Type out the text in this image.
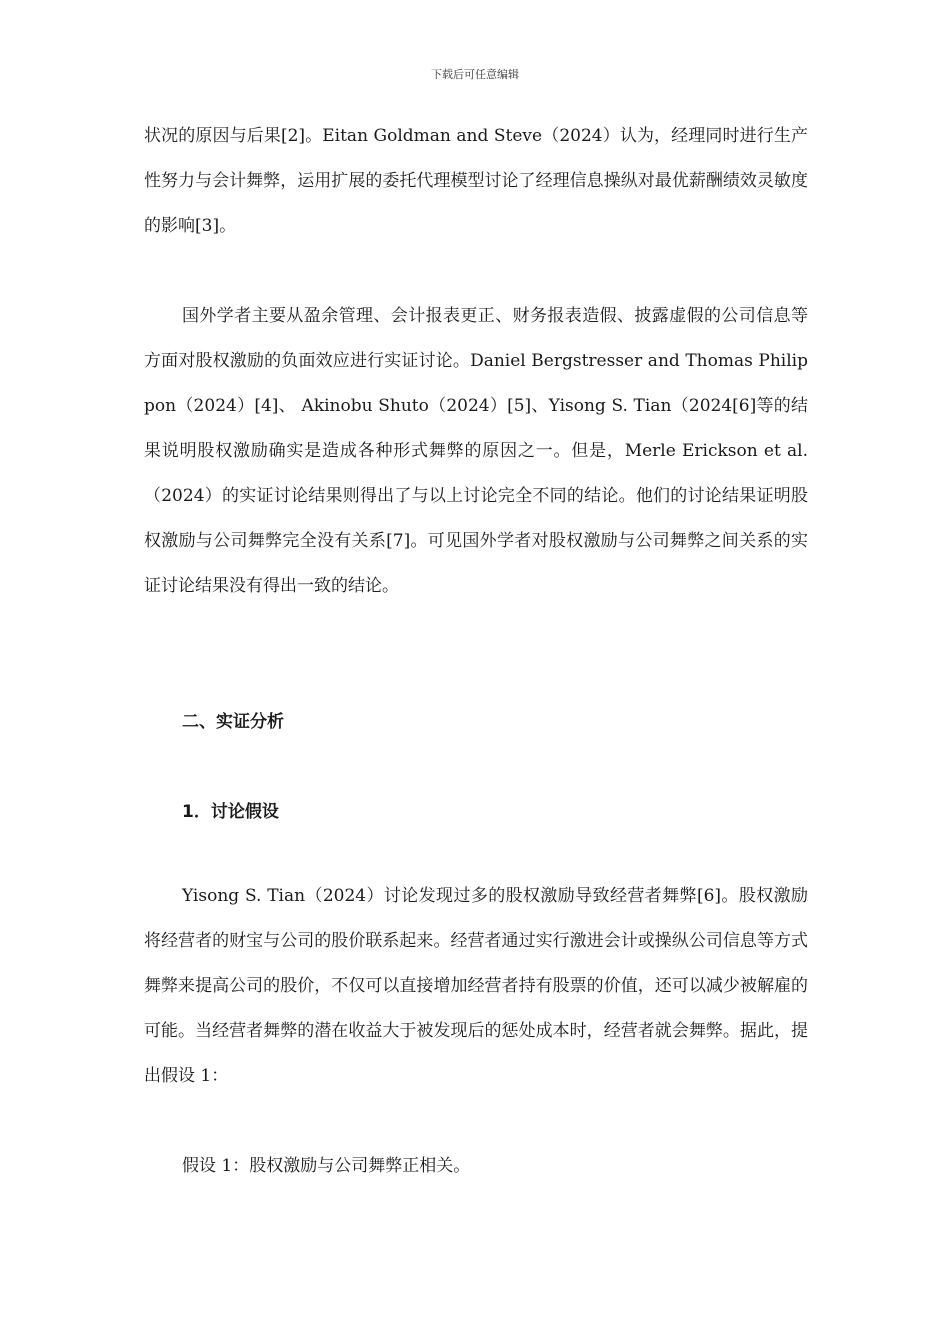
下载后可任意编辑

状况的原因与后果[2]。Eitan Goldman and Steve（2024）认为，经理同时进行生产性努力与会计舞弊，运用扩展的委托代理模型讨论了经理信息操纵对最优薪酬绩效灵敏度的影响[3]。

国外学者主要从盈余管理、会计报表更正、财务报表造假、披露虚假的公司信息等方面对股权激励的负面效应进行实证讨论。Daniel Bergstresser and Thomas Philippon（2024）[4]、 Akinobu Shuto（2024）[5]、Yisong S. Tian（2024[6]等的结果说明股权激励确实是造成各种形式舞弊的原因之一。但是，Merle Erickson et al. （2024）的实证讨论结果则得出了与以上讨论完全不同的结论。他们的讨论结果证明股权激励与公司舞弊完全没有关系[7]。可见国外学者对股权激励与公司舞弊之间关系的实证讨论结果没有得出一致的结论。

二、实证分析
1．讨论假设

Yisong S. Tian（2024）讨论发现过多的股权激励导致经营者舞弊[6]。股权激励将经营者的财宝与公司的股价联系起来。经营者通过实行激进会计或操纵公司信息等方式舞弊来提高公司的股价，不仅可以直接增加经营者持有股票的价值，还可以减少被解雇的可能。当经营者舞弊的潜在收益大于被发现后的惩处成本时，经营者就会舞弊。据此，提出假设 1：

假设 1：股权激励与公司舞弊正相关。
